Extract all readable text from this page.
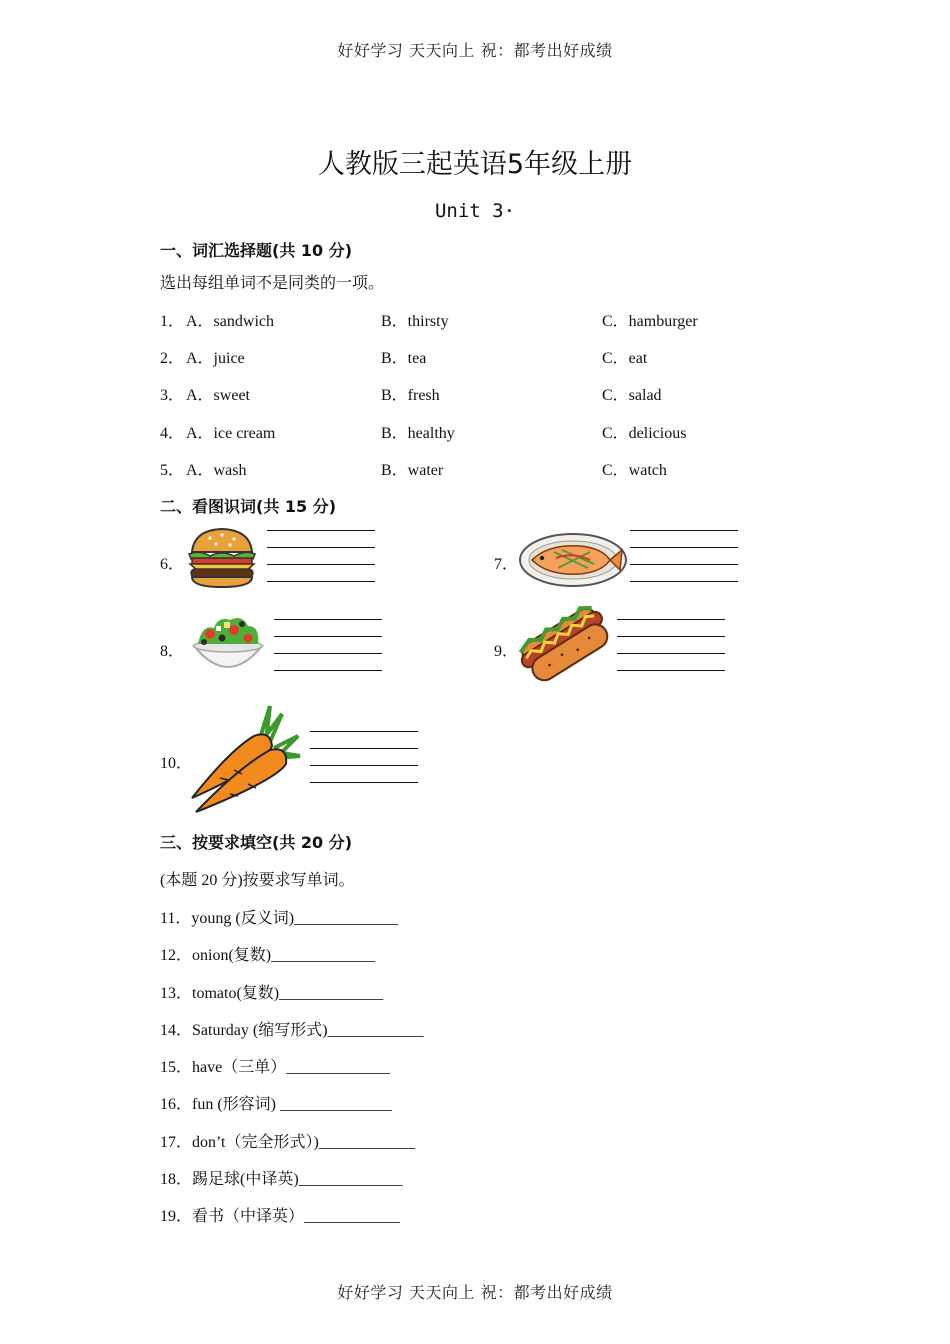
好好学习 天天向上 祝：都考出好成绩
人教版三起英语5年级上册
Unit 3·
一、词汇选择题(共 10 分)
选出每组单词不是同类的一项。
1． A．sandwich	B．thirsty	C．hamburger
2． A．juice	B．tea	C．eat
3． A．sweet	B．fresh	C．salad
4． A．ice cream	B．healthy	C．delicious
5． A．wash	B．water	C．watch
二、看图识词(共 15 分)
6．	7．
8．	9．
10．
三、按要求填空(共 20 分)
(本题 20 分)按要求写单词。
11．young (反义词)_____________
12．onion(复数)_____________
13．tomato(复数)_____________
14．Saturday (缩写形式)____________
15．have（三单）_____________
16．fun (形容词) ______________
17．don’t（完全形式）)____________
18．踢足球(中译英)_____________
19．看书（中译英）____________
好好学习 天天向上 祝：都考出好成绩
